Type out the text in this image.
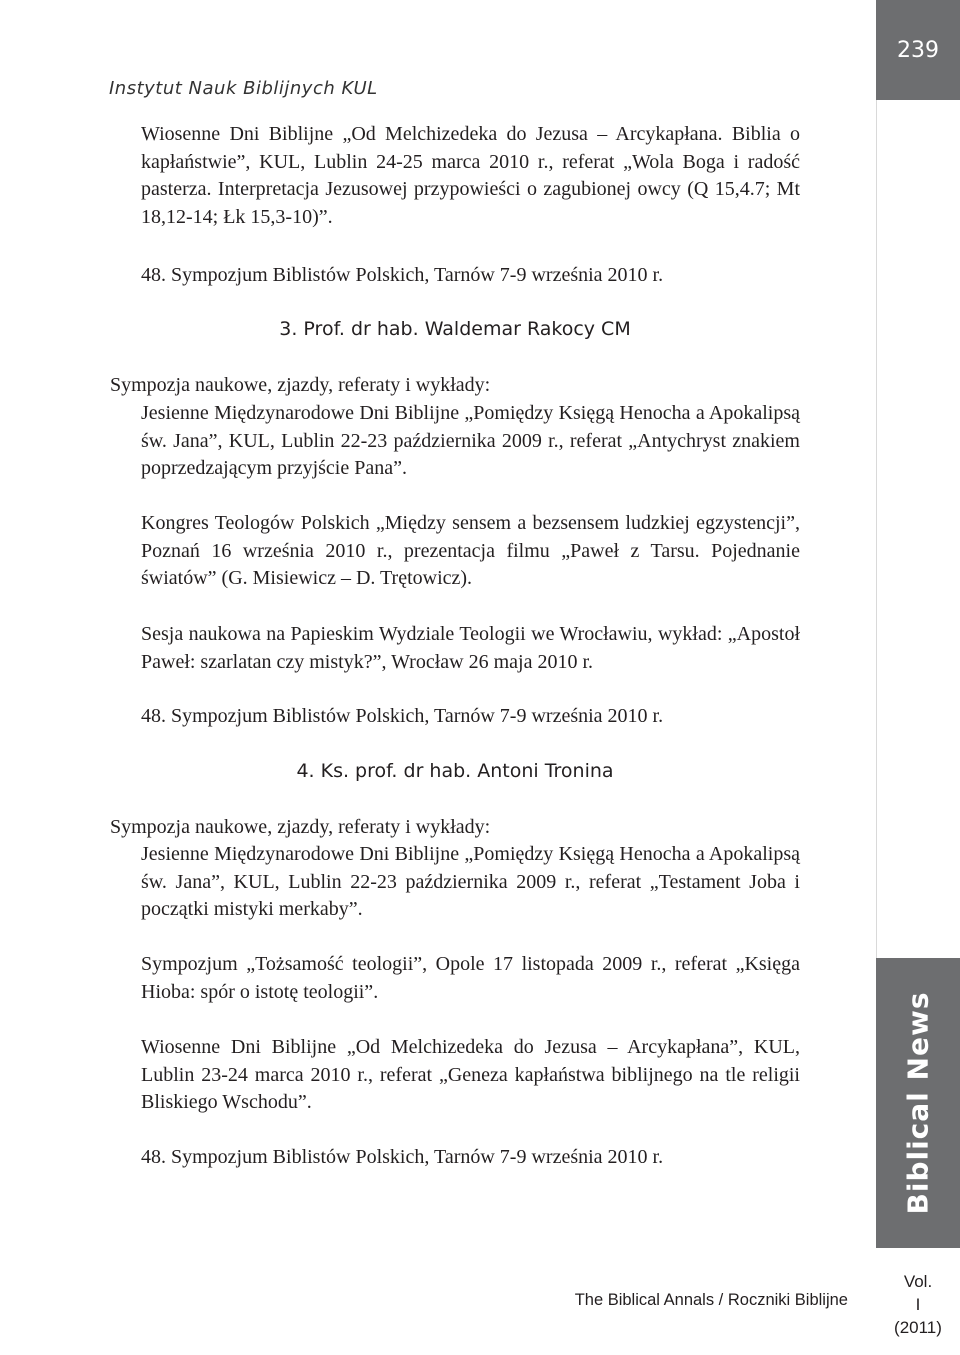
Instytut Nauk Biblijnych KUL

239
Biblical News
Vol.
I
(2011)
The Biblical Annals / Roczniki Biblijne

Wiosenne Dni Biblijne „Od Melchizedeka do Jezusa – Arcykapłana. Biblia o kapłaństwie”, KUL, Lublin 24-25 marca 2010 r., referat „Wola Boga i radość pasterza. Interpretacja Jezusowej przypowieści o zagubionej owcy (Q 15,4.7; Mt 18,12-14; Łk 15,3-10)”.

48. Sympozjum Biblistów Polskich, Tarnów 7-9 września 2010 r.

3. Prof. dr hab. Waldemar Rakocy CM

Sympozja naukowe, zjazdy, referaty i wykłady:

Jesienne Międzynarodowe Dni Biblijne „Pomiędzy Księgą Henocha a Apokalipsą św. Jana”, KUL, Lublin 22-23 października 2009 r., referat „Antychryst znakiem poprzedzającym przyjście Pana”.

Kongres Teologów Polskich „Między sensem a bezsensem ludzkiej egzystencji”, Poznań 16 września 2010 r., prezentacja filmu „Paweł z Tarsu. Pojednanie światów” (G. Misiewicz – D. Trętowicz).

Sesja naukowa na Papieskim Wydziale Teologii we Wrocławiu, wykład: „Apostoł Paweł: szarlatan czy mistyk?”, Wrocław 26 maja 2010 r.

48. Sympozjum Biblistów Polskich, Tarnów 7-9 września 2010 r.

4. Ks. prof. dr hab. Antoni Tronina

Sympozja naukowe, zjazdy, referaty i wykłady:

Jesienne Międzynarodowe Dni Biblijne „Pomiędzy Księgą Henocha a Apokalipsą św. Jana”, KUL, Lublin 22-23 października 2009 r., referat „Testament Joba i początki mistyki merkaby”.

Sympozjum „Tożsamość teologii”, Opole 17 listopada 2009 r., referat „Księga Hioba: spór o istotę teologii”.

Wiosenne Dni Biblijne „Od Melchizedeka do Jezusa – Arcykapłana”, KUL, Lublin 23-24 marca 2010 r., referat „Geneza kapłaństwa biblijnego na tle religii Bliskiego Wschodu”.

48. Sympozjum Biblistów Polskich, Tarnów 7-9 września 2010 r.
